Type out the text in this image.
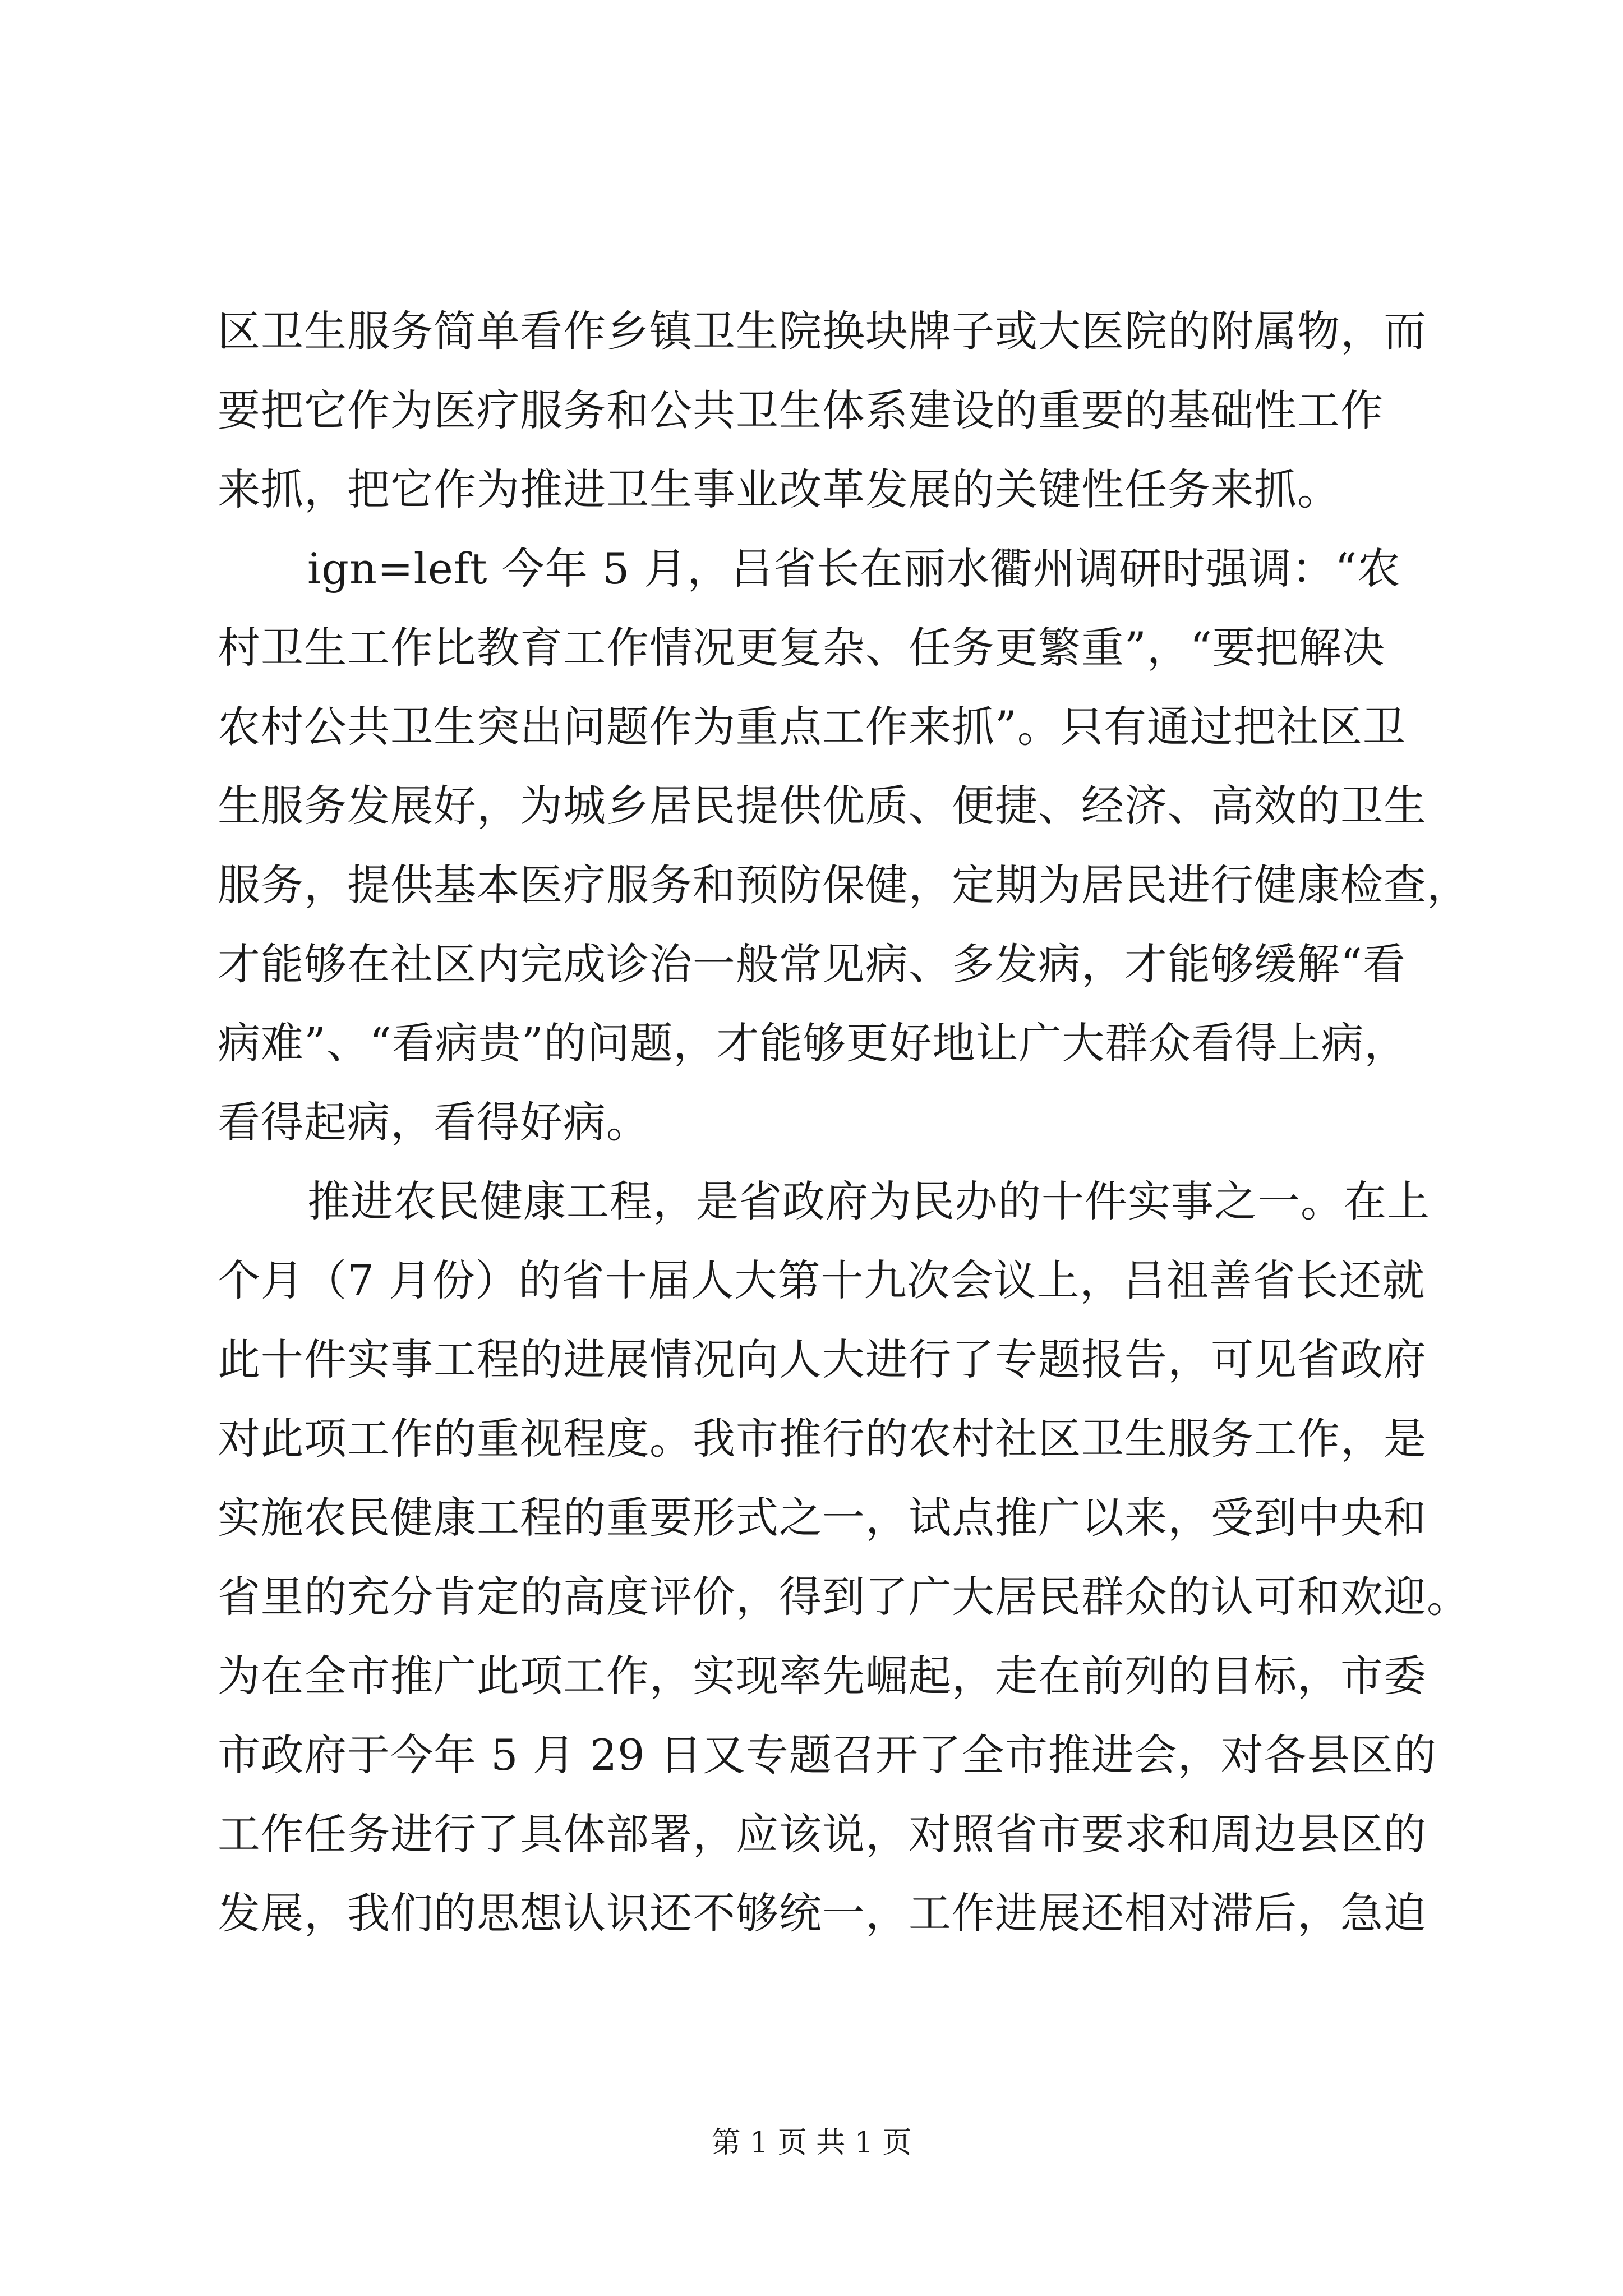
区卫生服务简单看作乡镇卫生院换块牌子或大医院的附属物，而
要把它作为医疗服务和公共卫生体系建设的重要的基础性工作
来抓，把它作为推进卫生事业改革发展的关键性任务来抓。
ign=left 今年 5 月，吕省长在丽水衢州调研时强调：“农
村卫生工作比教育工作情况更复杂、任务更繁重”，“要把解决
农村公共卫生突出问题作为重点工作来抓”。只有通过把社区卫
生服务发展好，为城乡居民提供优质、便捷、经济、高效的卫生
服务，提供基本医疗服务和预防保健，定期为居民进行健康检查，
才能够在社区内完成诊治一般常见病、多发病，才能够缓解“看
病难”、“看病贵”的问题，才能够更好地让广大群众看得上病，
看得起病，看得好病。
推进农民健康工程，是省政府为民办的十件实事之一。在上
个月（7 月份）的省十届人大第十九次会议上，吕祖善省长还就
此十件实事工程的进展情况向人大进行了专题报告，可见省政府
对此项工作的重视程度。我市推行的农村社区卫生服务工作，是
实施农民健康工程的重要形式之一，试点推广以来，受到中央和
省里的充分肯定的高度评价，得到了广大居民群众的认可和欢迎。
为在全市推广此项工作，实现率先崛起，走在前列的目标，市委
市政府于今年 5 月 29 日又专题召开了全市推进会，对各县区的
工作任务进行了具体部署，应该说，对照省市要求和周边县区的
发展，我们的思想认识还不够统一，工作进展还相对滞后，急迫
第 1 页 共 1 页
